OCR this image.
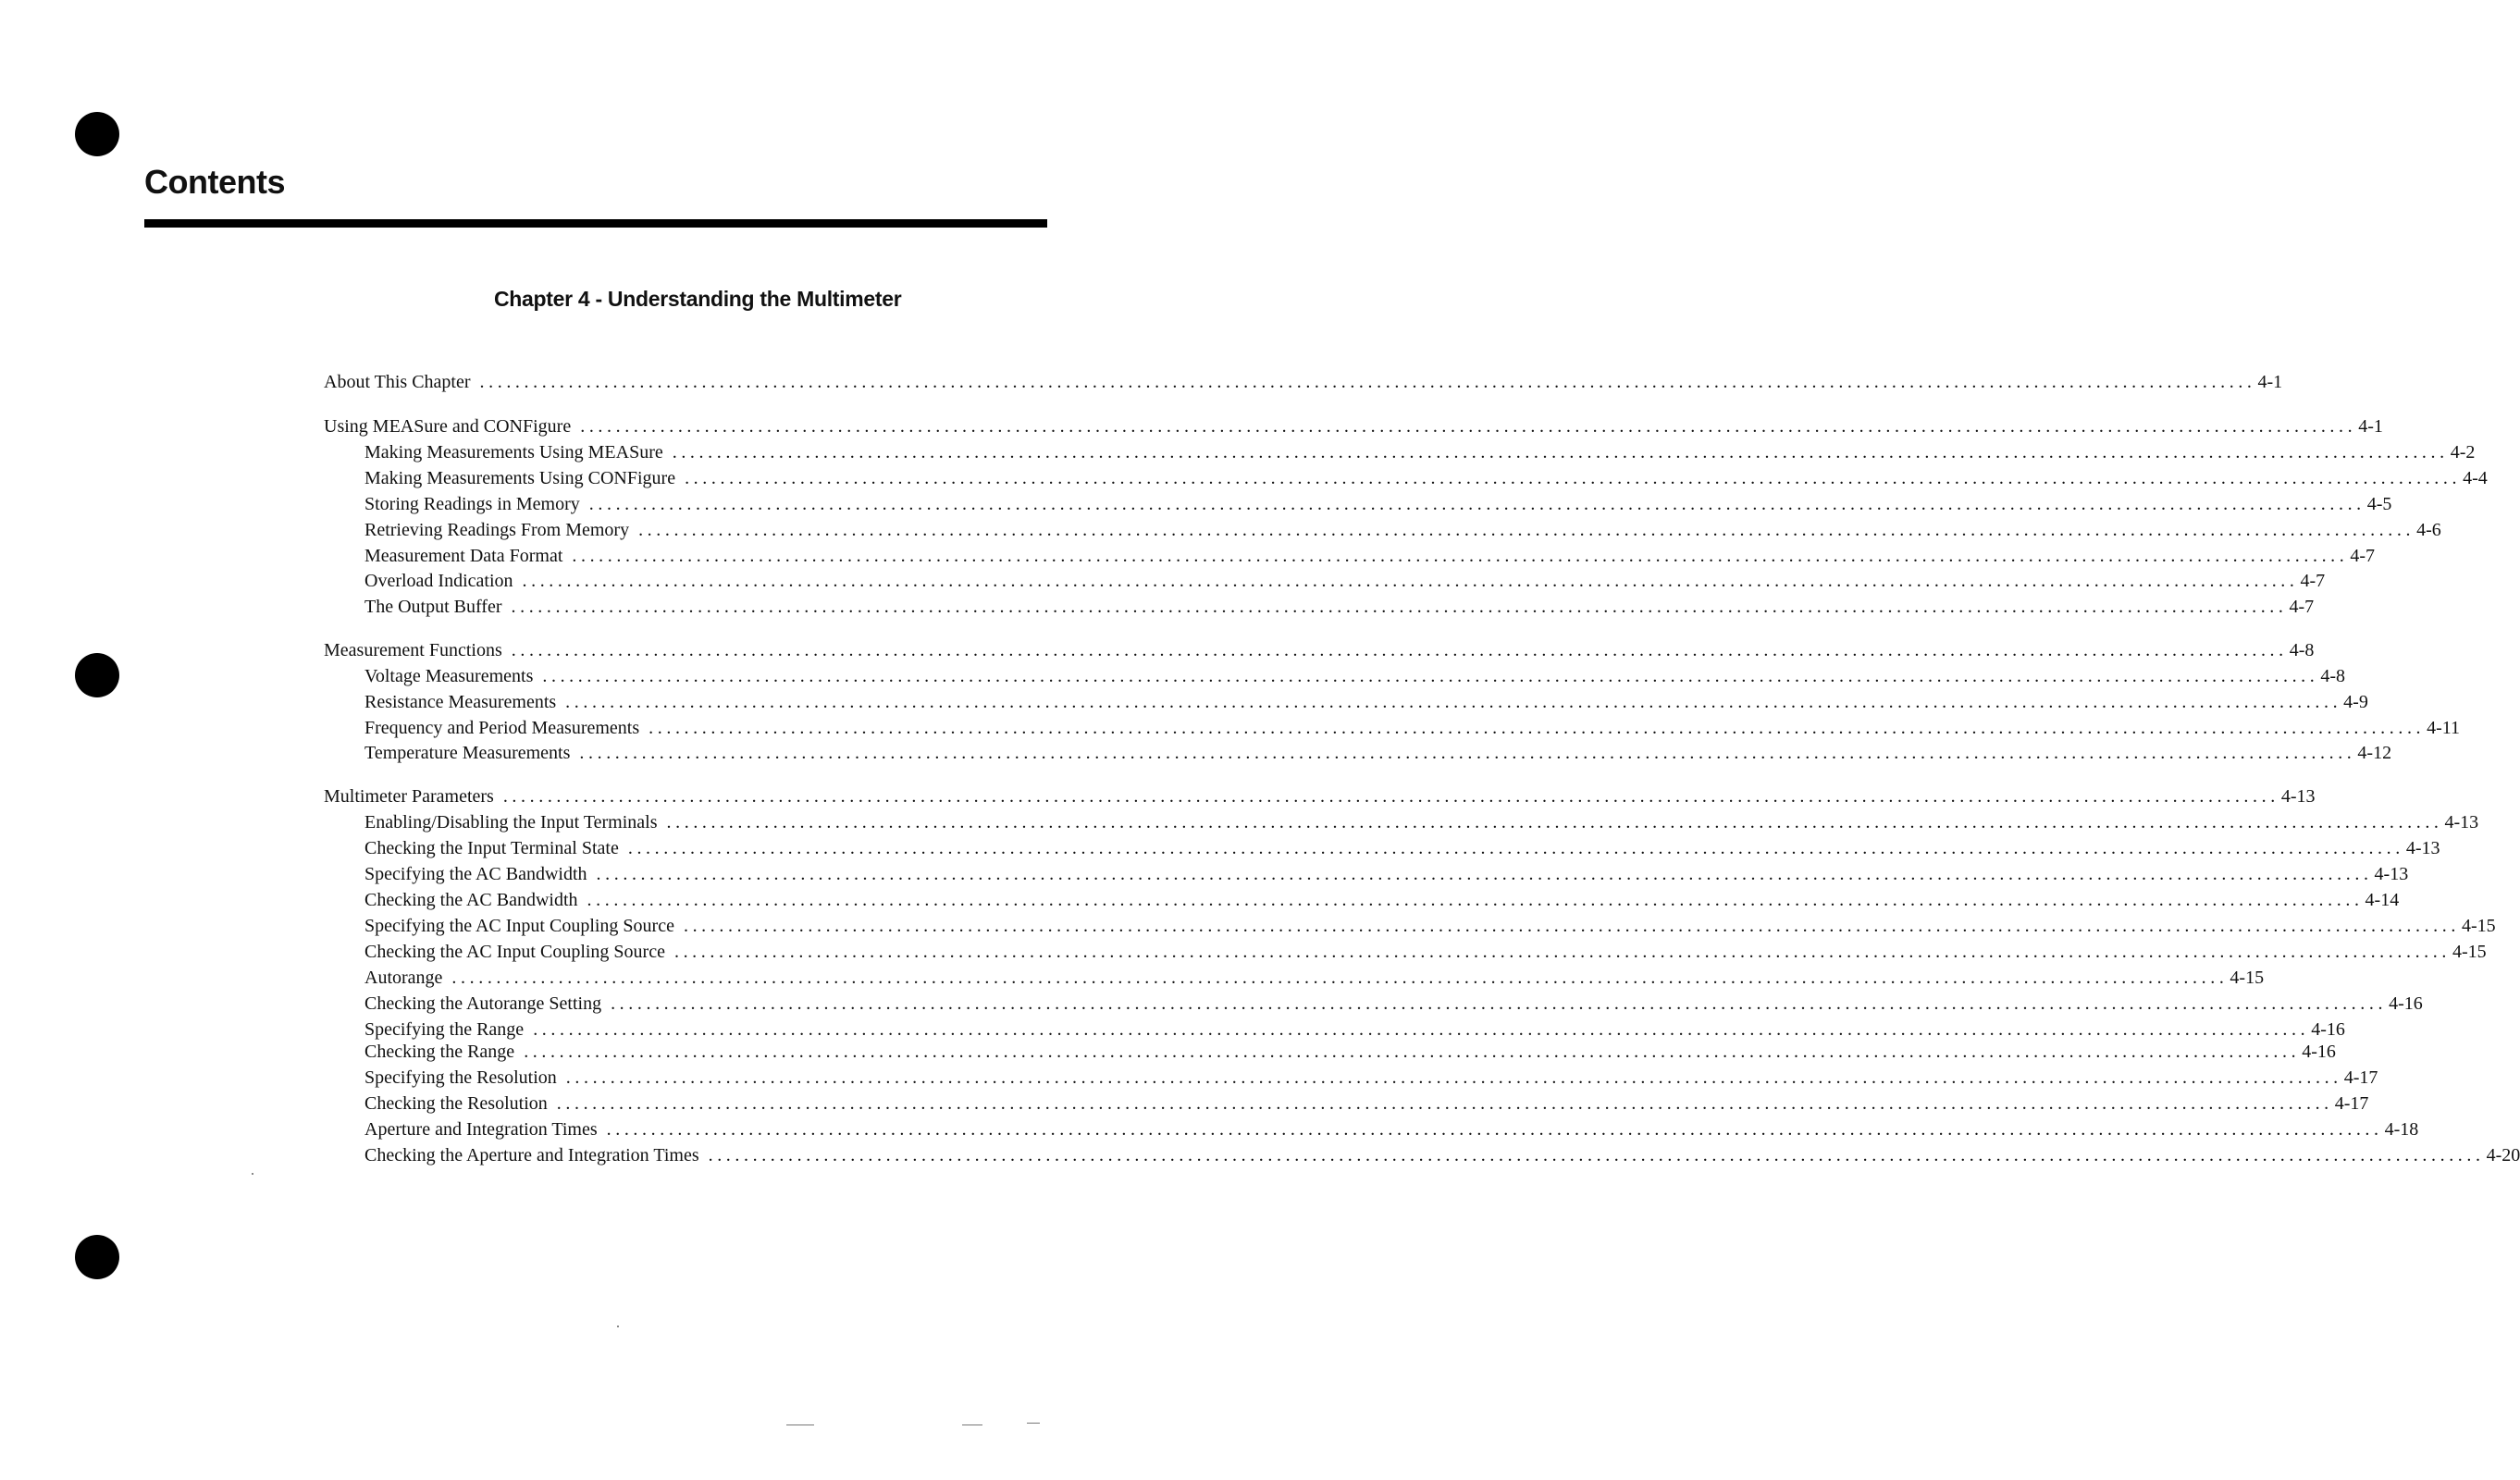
Contents
Chapter 4 - Understanding the Multimeter
About This Chapter ........................................................................................................................................................................................................ 4-1
Using MEASure and CONFigure ........................................................................................................................................................................................................ 4-1
Making Measurements Using MEASure ........................................................................................................................................................................................................ 4-2
Making Measurements Using CONFigure ........................................................................................................................................................................................................ 4-4
Storing Readings in Memory ........................................................................................................................................................................................................ 4-5
Retrieving Readings From Memory ........................................................................................................................................................................................................ 4-6
Measurement Data Format ........................................................................................................................................................................................................ 4-7
Overload Indication ........................................................................................................................................................................................................ 4-7
The Output Buffer ........................................................................................................................................................................................................ 4-7
Measurement Functions ........................................................................................................................................................................................................ 4-8
Voltage Measurements ........................................................................................................................................................................................................ 4-8
Resistance Measurements ........................................................................................................................................................................................................ 4-9
Frequency and Period Measurements ........................................................................................................................................................................................................ 4-11
Temperature Measurements ........................................................................................................................................................................................................ 4-12
Multimeter Parameters ........................................................................................................................................................................................................ 4-13
Enabling/Disabling the Input Terminals ........................................................................................................................................................................................................ 4-13
Checking the Input Terminal State ........................................................................................................................................................................................................ 4-13
Specifying the AC Bandwidth ........................................................................................................................................................................................................ 4-13
Checking the AC Bandwidth ........................................................................................................................................................................................................ 4-14
Specifying the AC Input Coupling Source ........................................................................................................................................................................................................ 4-15
Checking the AC Input Coupling Source ........................................................................................................................................................................................................ 4-15
Autorange ........................................................................................................................................................................................................ 4-15
Checking the Autorange Setting ........................................................................................................................................................................................................ 4-16
Specifying the Range ........................................................................................................................................................................................................ 4-16
Checking the Range ........................................................................................................................................................................................................ 4-16
Specifying the Resolution ........................................................................................................................................................................................................ 4-17
Checking the Resolution ........................................................................................................................................................................................................ 4-17
Aperture and Integration Times ........................................................................................................................................................................................................ 4-18
Checking the Aperture and Integration Times ........................................................................................................................................................................................................ 4-20
